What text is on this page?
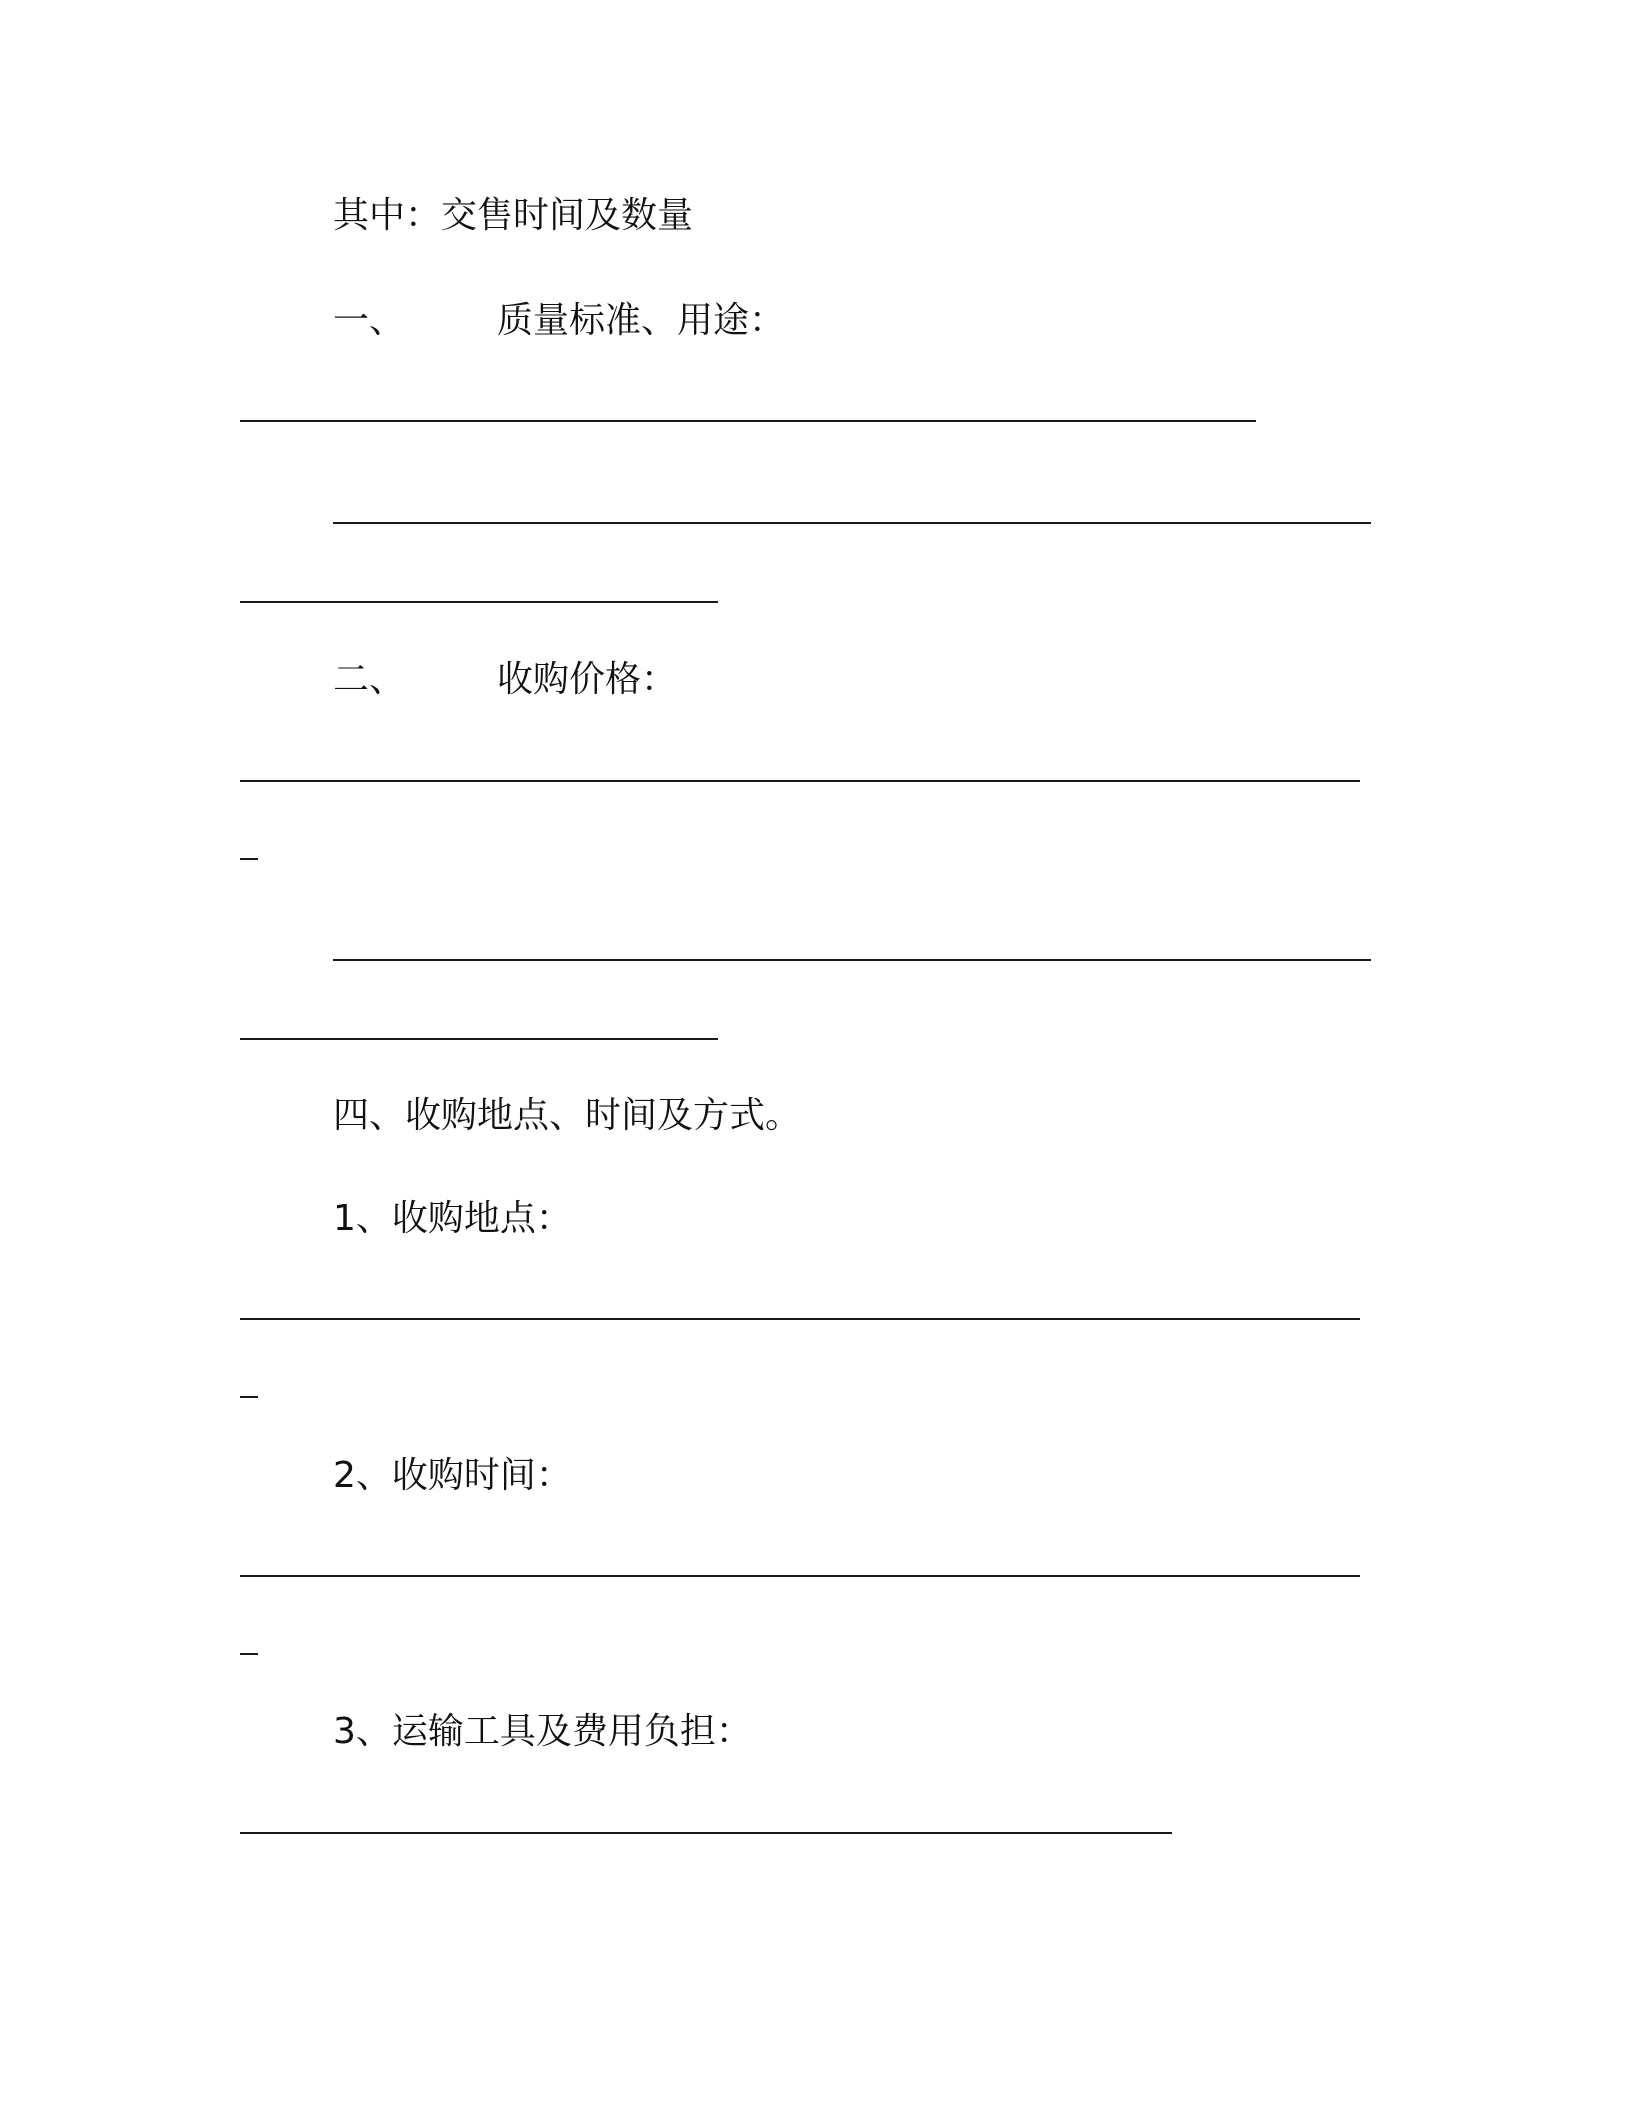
其中：交售时间及数量
一、	质量标准、用途：
二、	收购价格：
四、收购地点、时间及方式。
1、收购地点：
2、收购时间：
3、运输工具及费用负担：
